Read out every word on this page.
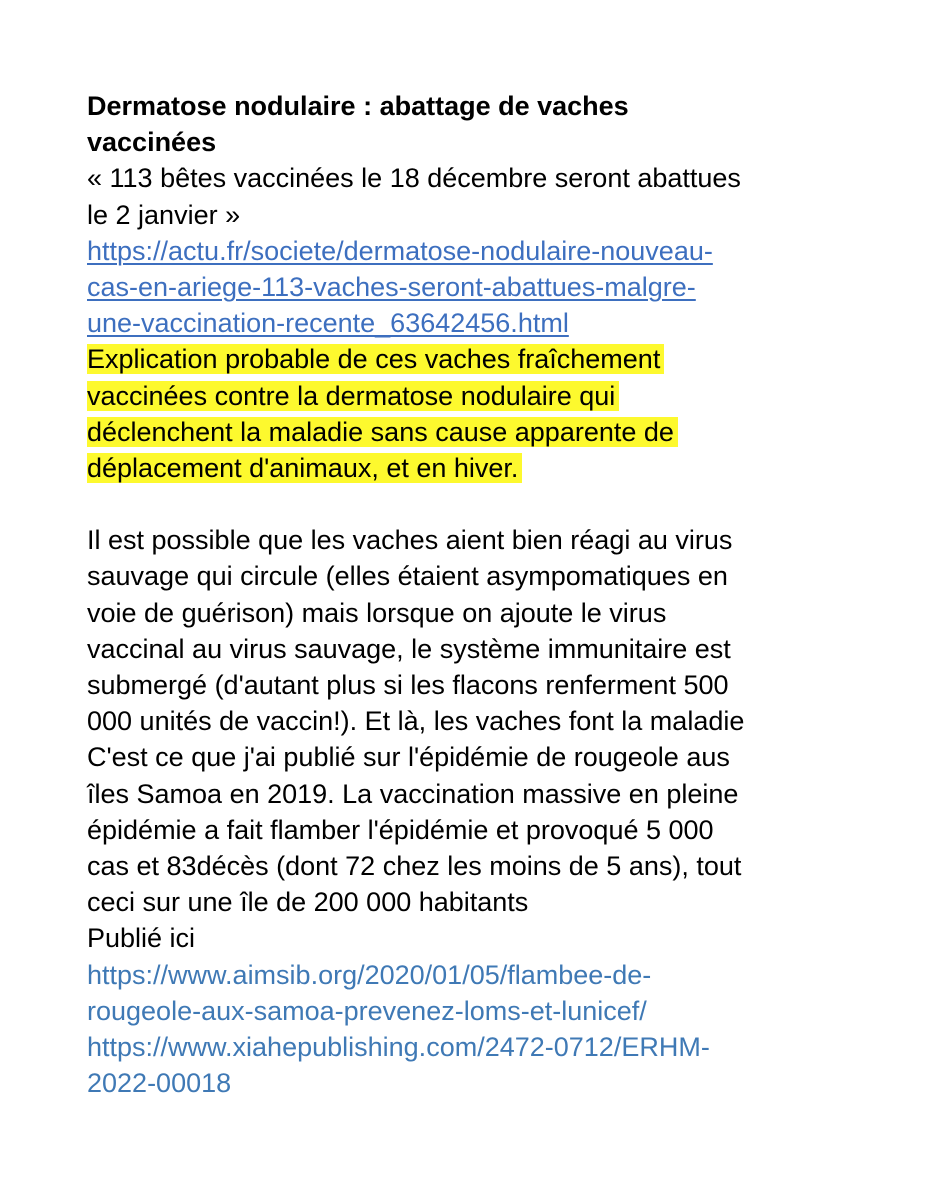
Dermatose nodulaire : abattage de vaches
vaccinées
« 113 bêtes vaccinées le 18 décembre seront abattues
le 2 janvier »
https://actu.fr/societe/dermatose-nodulaire-nouveau-
cas-en-ariege-113-vaches-seront-abattues-malgre-
une-vaccination-recente_63642456.html
Explication probable de ces vaches fraîchement
vaccinées contre la dermatose nodulaire qui
déclenchent la maladie sans cause apparente de
déplacement d'animaux, et en hiver.
Il est possible que les vaches aient bien réagi au virus
sauvage qui circule (elles étaient asympomatiques en
voie de guérison) mais lorsque on ajoute le virus
vaccinal au virus sauvage, le système immunitaire est
submergé (d'autant plus si les flacons renferment 500
000 unités de vaccin!). Et là, les vaches font la maladie
C'est ce que j'ai publié sur l'épidémie de rougeole aus
îles Samoa en 2019. La vaccination massive en pleine
épidémie a fait flamber l'épidémie et provoqué 5 000
cas et 83décès (dont 72 chez les moins de 5 ans), tout
ceci sur une île de 200 000 habitants
Publié ici
https://www.aimsib.org/2020/01/05/flambee-de-
rougeole-aux-samoa-prevenez-loms-et-lunicef/
https://www.xiahepublishing.com/2472-0712/ERHM-
2022-00018
